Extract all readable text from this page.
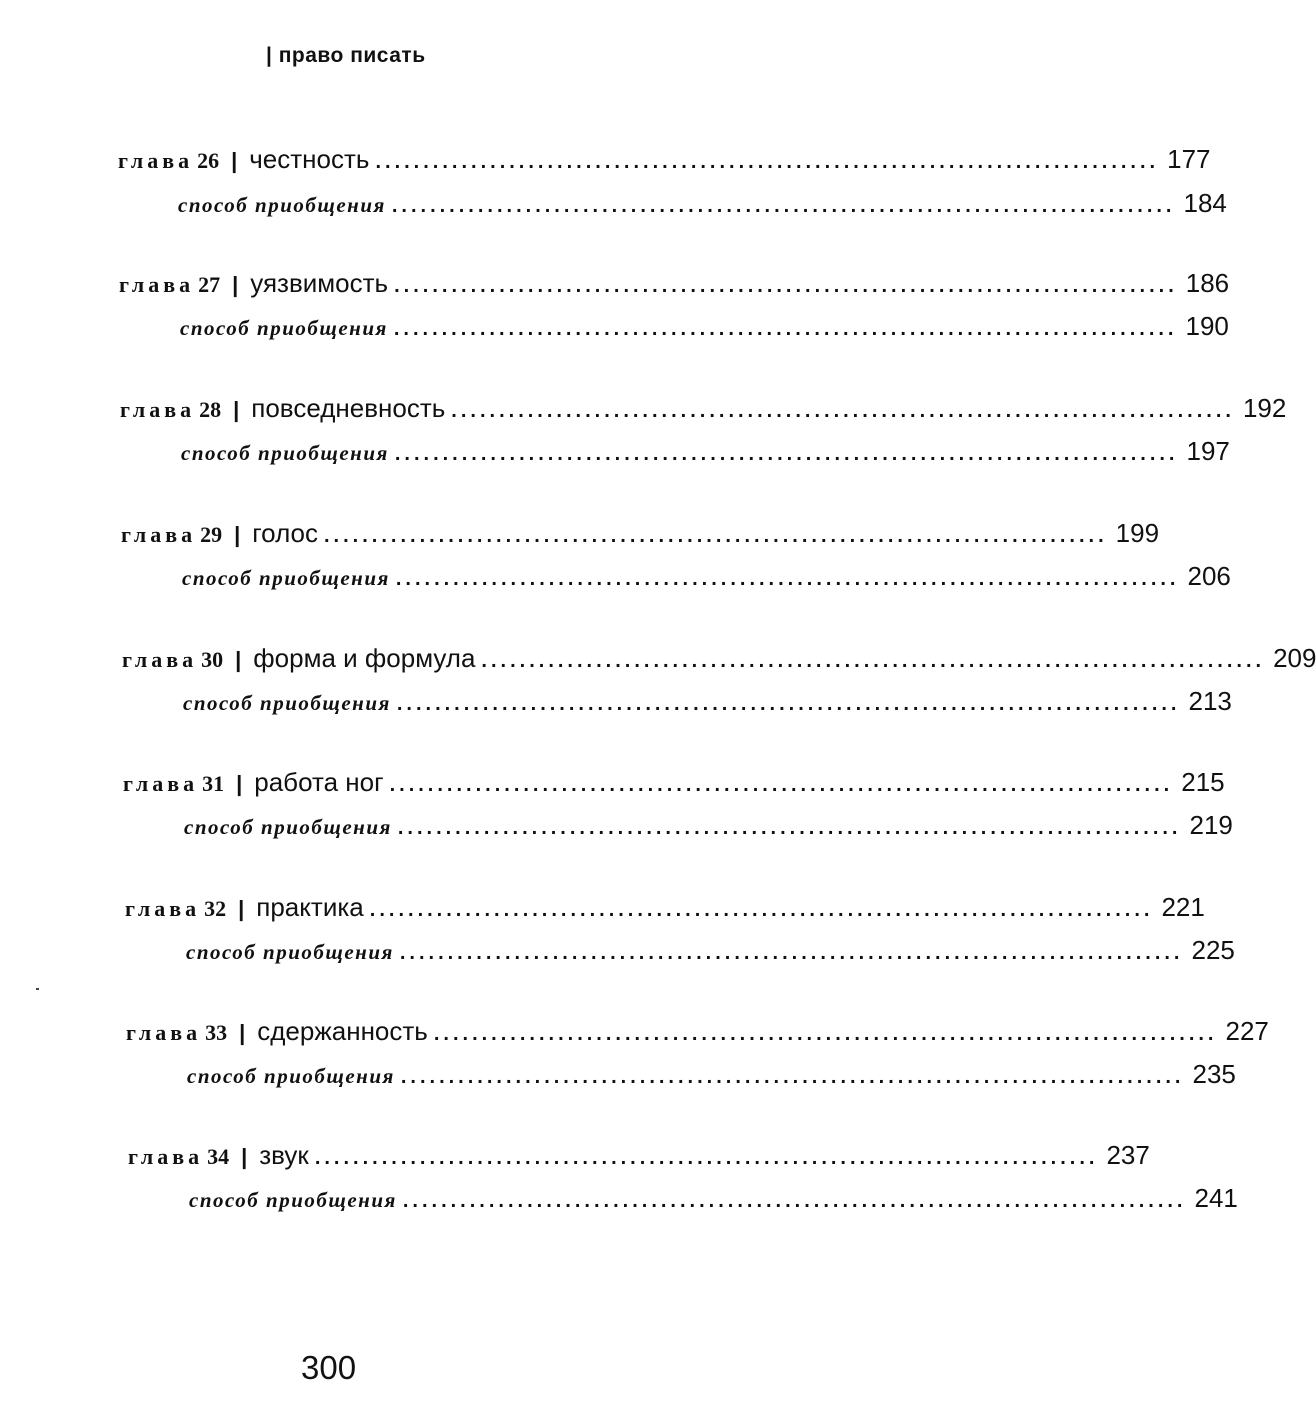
| право писать
глава 26 | честность .................................................................................. 177
способ приобщения .................................................................................. 184
глава 27 | уязвимость .................................................................................. 186
способ приобщения .................................................................................. 190
глава 28 | повседневность .................................................................................. 192
способ приобщения .................................................................................. 197
глава 29 | голос .................................................................................. 199
способ приобщения .................................................................................. 206
глава 30 | форма и формула .................................................................................. 209
способ приобщения .................................................................................. 213
глава 31 | работа ног .................................................................................. 215
способ приобщения .................................................................................. 219
глава 32 | практика .................................................................................. 221
способ приобщения .................................................................................. 225
глава 33 | сдержанность .................................................................................. 227
способ приобщения .................................................................................. 235
глава 34 | звук .................................................................................. 237
способ приобщения .................................................................................. 241
300
